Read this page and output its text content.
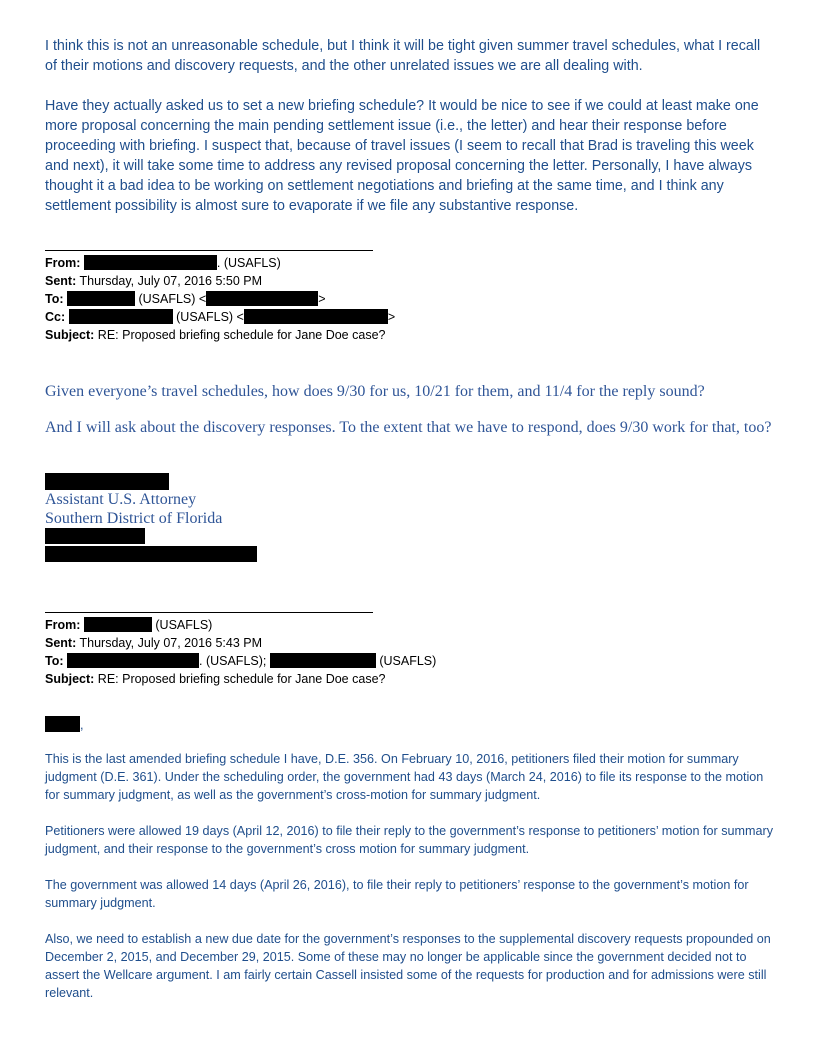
I think this is not an unreasonable schedule, but I think it will be tight given summer travel schedules, what I recall of their motions and discovery requests, and the other unrelated issues we are all dealing with.

Have they actually asked us to set a new briefing schedule? It would be nice to see if we could at least make one more proposal concerning the main pending settlement issue (i.e., the letter) and hear their response before proceeding with briefing. I suspect that, because of travel issues (I seem to recall that Brad is traveling this week and next), it will take some time to address any revised proposal concerning the letter. Personally, I have always thought it a bad idea to be working on settlement negotiations and briefing at the same time, and I think any settlement possibility is almost sure to evaporate if we file any substantive response.

From:	. (USAFLS)
Sent: Thursday, July 07, 2016 5:50 PM
To:	(USAFLS) <	>
Cc:	(USAFLS) <	>
Subject: RE: Proposed briefing schedule for Jane Doe case?

Given everyone’s travel schedules, how does 9/30 for us, 10/21 for them, and 11/4 for the reply sound?

And I will ask about the discovery responses. To the extent that we have to respond, does 9/30 work for that, too?

Assistant U.S. Attorney

Southern District of Florida

From:	(USAFLS)
Sent: Thursday, July 07, 2016 5:43 PM
To:	. (USAFLS);	(USAFLS)
Subject: RE: Proposed briefing schedule for Jane Doe case?
,

This is the last amended briefing schedule I have, D.E. 356. On February 10, 2016, petitioners filed their motion for summary judgment (D.E. 361). Under the scheduling order, the government had 43 days (March 24, 2016) to file its response to the motion for summary judgment, as well as the government’s cross-motion for summary judgment.

Petitioners were allowed 19 days (April 12, 2016) to file their reply to the government’s response to petitioners’ motion for summary judgment, and their response to the government’s cross motion for summary judgment.

The government was allowed 14 days (April 26, 2016), to file their reply to petitioners’ response to the government’s motion for summary judgment.

Also, we need to establish a new due date for the government’s responses to the supplemental discovery requests propounded on December 2, 2015, and December 29, 2015. Some of these may no longer be applicable since the government decided not to assert the Wellcare argument. I am fairly certain Cassell insisted some of the requests for production and for admissions were still relevant.
